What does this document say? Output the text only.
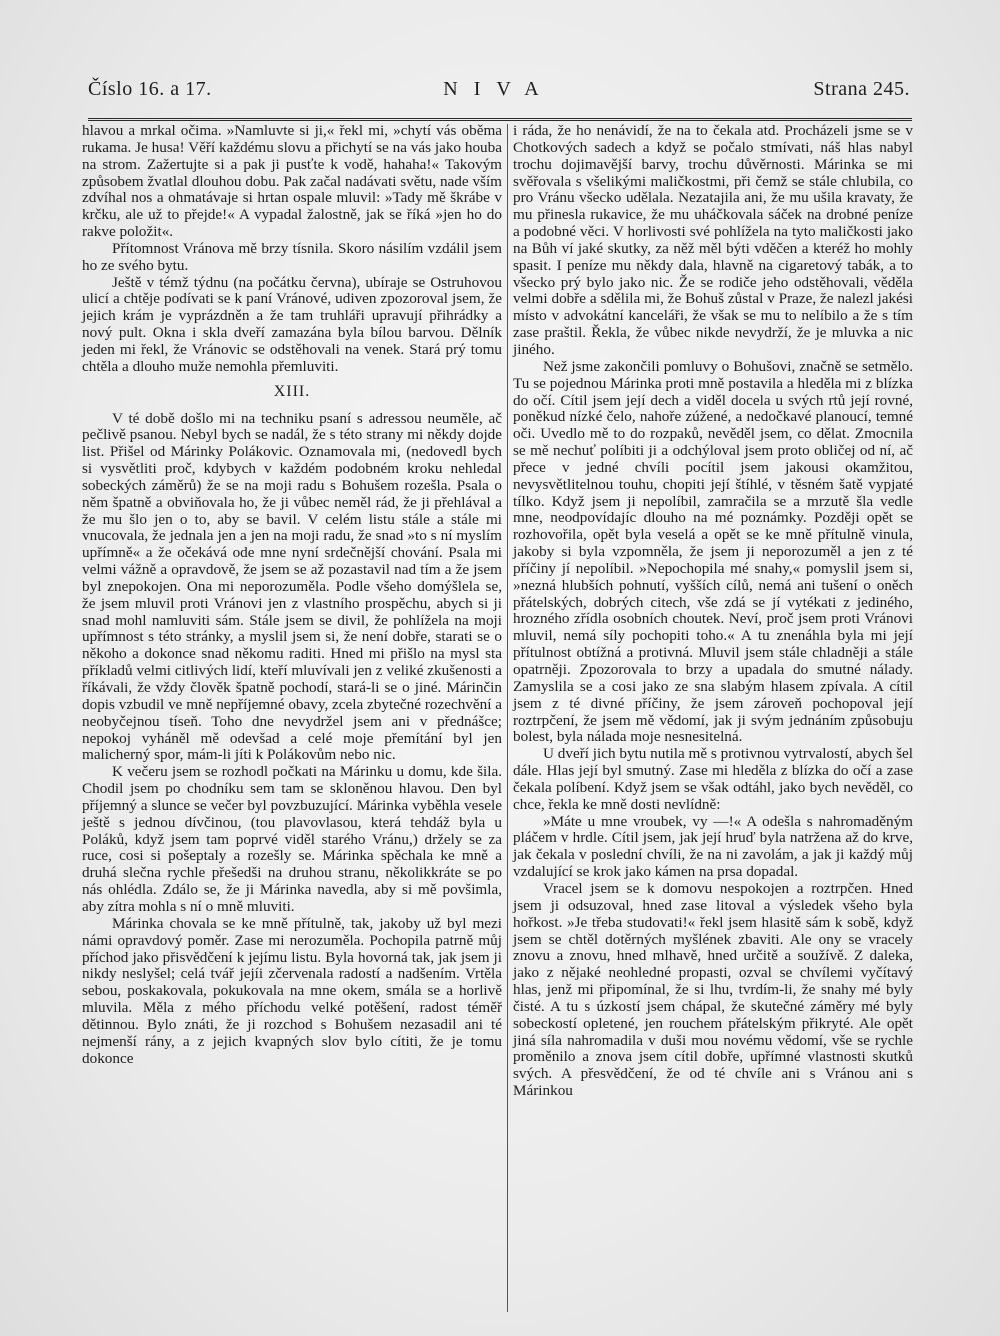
Číslo 16. a 17.	NIVA	Strana 245.

hlavou a mrkal očima. »Namluvte si ji,« řekl mi, »chytí vás oběma rukama. Je husa! Věří každému slovu a přichytí se na vás jako houba na strom. Zažertujte si a pak ji pusťte k vodě, hahaha!« Takovým způsobem žvatlal dlouhou dobu. Pak začal nadávati světu, nade vším zdvíhal nos a ohmatávaje si hrtan ospale mluvil: »Tady mě škrábe v krčku, ale už to přejde!« A vypadal žalostně, jak se říká »jen ho do rakve položit«.

Přítomnost Vránova mě brzy tísnila. Skoro násilím vzdálil jsem ho ze svého bytu.

Ještě v témž týdnu (na počátku června), ubíraje se Ostruhovou ulicí a chtěje podívati se k paní Vránové, udiven zpozoroval jsem, že jejich krám je vyprázdněn a že tam truhláři upravují přihrádky a nový pult. Okna i skla dveří zamazána byla bílou barvou. Dělník jeden mi řekl, že Vránovic se odstěhovali na venek. Stará prý tomu chtěla a dlouho muže nemohla přemluviti.

XIII.

V té době došlo mi na techniku psaní s adressou neuměle, ač pečlivě psanou. Nebyl bych se nadál, že s této strany mi někdy dojde list. Přišel od Márinky Polákovic. Oznamovala mi, (nedovedl bych si vysvětliti proč, kdybych v každém podobném kroku nehledal sobeckých záměrů) že se na moji radu s Bohušem rozešla. Psala o něm špatně a obviňovala ho, že ji vůbec neměl rád, že ji přehlával a že mu šlo jen o to, aby se bavil. V celém listu stále a stále mi vnucovala, že jednala jen a jen na moji radu, že snad »to s ní myslím upřímně« a že očekává ode mne nyní srdečnější chování. Psala mi velmi vážně a opravdově, že jsem se až pozastavil nad tím a že jsem byl znepokojen. Ona mi neporozuměla. Podle všeho domýšlela se, že jsem mluvil proti Vránovi jen z vlastního prospěchu, abych si ji snad mohl namluviti sám. Stále jsem se divil, že pohlížela na moji upřímnost s této stránky, a myslil jsem si, že není dobře, starati se o někoho a dokonce snad někomu raditi. Hned mi přišlo na mysl sta příkladů velmi citlivých lidí, kteří mluvívali jen z veliké zkušenosti a říkávali, že vždy člověk špatně pochodí, stará-li se o jiné. Márinčin dopis vzbudil ve mně nepříjemné obavy, zcela zbytečné rozechvění a neobyčejnou tíseň. Toho dne nevydržel jsem ani v přednášce; nepokoj vyháněl mě odevšad a celé moje přemítání byl jen malicherný spor, mám-li jíti k Polákovům nebo nic.

K večeru jsem se rozhodl počkati na Márinku u domu, kde šila. Chodil jsem po chodníku sem tam se skloněnou hlavou. Den byl příjemný a slunce se večer byl povzbuzující. Márinka vyběhla vesele ještě s jednou dívčinou, (tou plavovlasou, která tehdáž byla u Poláků, když jsem tam poprvé viděl starého Vránu,) držely se za ruce, cosi si pošeptaly a rozešly se. Márinka spěchala ke mně a druhá slečna rychle přešedši na druhou stranu, několikkráte se po nás ohlédla. Zdálo se, že ji Márinka navedla, aby si mě povšimla, aby zítra mohla s ní o mně mluviti.

Márinka chovala se ke mně přítulně, tak, jakoby už byl mezi námi opravdový poměr. Zase mi nerozuměla. Pochopila patrně můj příchod jako přisvědčení k jejímu listu. Byla hovorná tak, jak jsem ji nikdy neslyšel; celá tvář jejíi zčervenala radostí a nadšením. Vrtěla sebou, poskakovala, pokukovala na mne okem, smála se a horlivě mluvila. Měla z mého příchodu velké potěšení, radost téměř dětinnou. Bylo znáti, že ji rozchod s Bohušem nezasadil ani té nejmenší rány, a z jejich kvapných slov bylo cítiti, že je tomu dokonce

i ráda, že ho nenávidí, že na to čekala atd. Procházeli jsme se v Chotkových sadech a když se počalo stmívati, náš hlas nabyl trochu dojimavější barvy, trochu důvěrnosti. Márinka se mi svěřovala s všelikými maličkostmi, při čemž se stále chlubila, co pro Vránu všecko udělala. Nezatajila ani, že mu ušila kravaty, že mu přinesla rukavice, že mu uháčkovala sáček na drobné peníze a podobné věci. V horlivosti své pohlížela na tyto maličkosti jako na Bůh ví jaké skutky, za něž měl býti vděčen a kteréž ho mohly spasit. I peníze mu někdy dala, hlavně na cigaretový tabák, a to všecko prý bylo jako nic. Že se rodiče jeho odstěhovali, věděla velmi dobře a sdělila mi, že Bohuš zůstal v Praze, že nalezl jakési místo v advokátní kanceláři, že však se mu to nelíbilo a že s tím zase praštil. Řekla, že vůbec nikde nevydrží, že je mluvka a nic jiného.

Než jsme zakončili pomluvy o Bohušovi, značně se setmělo. Tu se pojednou Márinka proti mně postavila a hleděla mi z blízka do očí. Cítil jsem její dech a viděl docela u svých rtů její rovné, poněkud nízké čelo, nahoře zúžené, a nedočkavé planoucí, temné oči. Uvedlo mě to do rozpaků, nevěděl jsem, co dělat. Zmocnila se mě nechuť políbiti ji a odchýloval jsem proto obličej od ní, ač přece v jedné chvíli pocítil jsem jakousi okamžitou, nevysvětlitelnou touhu, chopiti její štíhlé, v těsném šatě vypjaté tílko. Když jsem ji nepolíbil, zamračila se a mrzutě šla vedle mne, neodpovídajíc dlouho na mé poznámky. Později opět se rozhovořila, opět byla veselá a opět se ke mně přítulně vinula, jakoby si byla vzpomněla, že jsem ji neporozuměl a jen z té příčiny jí nepolíbil. »Nepochopila mé snahy,« pomyslil jsem si, »nezná hlubších pohnutí, vyšších cílů, nemá ani tušení o oněch přátelských, dobrých citech, vše zdá se jí vytékati z jediného, hrozného zřídla osobních choutek. Neví, proč jsem proti Vránovi mluvil, nemá síly pochopiti toho.« A tu znenáhla byla mi její přítulnost obtížná a protivná. Mluvil jsem stále chladněji a stále opatrněji. Zpozorovala to brzy a upadala do smutné nálady. Zamyslila se a cosi jako ze sna slabým hlasem zpívala. A cítil jsem z té divné příčiny, že jsem zároveň pochopoval její roztrpčení, že jsem mě vědomí, jak ji svým jednáním způsobuju bolest, byla nálada moje nesnesitelná.

U dveří jich bytu nutila mě s protivnou vytrvalostí, abych šel dále. Hlas její byl smutný. Zase mi hleděla z blízka do očí a zase čekala políbení. Když jsem se však odtáhl, jako bych nevěděl, co chce, řekla ke mně dosti nevlídně:

»Máte u mne vroubek, vy —!« A odešla s nahromaděným pláčem v hrdle. Cítil jsem, jak její hruď byla natržena až do krve, jak čekala v poslední chvíli, že na ni zavolám, a jak ji každý můj vzdalující se krok jako kámen na prsa dopadal.

Vracel jsem se k domovu nespokojen a roztrpčen. Hned jsem ji odsuzoval, hned zase litoval a výsledek všeho byla hořkost. »Je třeba studovati!« řekl jsem hlasitě sám k sobě, když jsem se chtěl dotěrných myšlének zbaviti. Ale ony se vracely znovu a znovu, hned mlhavě, hned určitě a soužívě. Z daleka, jako z nějaké neohledné propasti, ozval se chvílemi vyčítavý hlas, jenž mi připomínal, že si lhu, tvrdím-li, že snahy mé byly čisté. A tu s úzkostí jsem chápal, že skutečné záměry mé byly sobeckostí opletené, jen rouchem přátelským přikryté. Ale opět jiná síla nahromadila v duši mou novému vědomí, vše se rychle proměnilo a znova jsem cítil dobře, upřímné vlastnosti skutků svých. A přesvědčení, že od té chvíle ani s Vránou ani s Márinkou
